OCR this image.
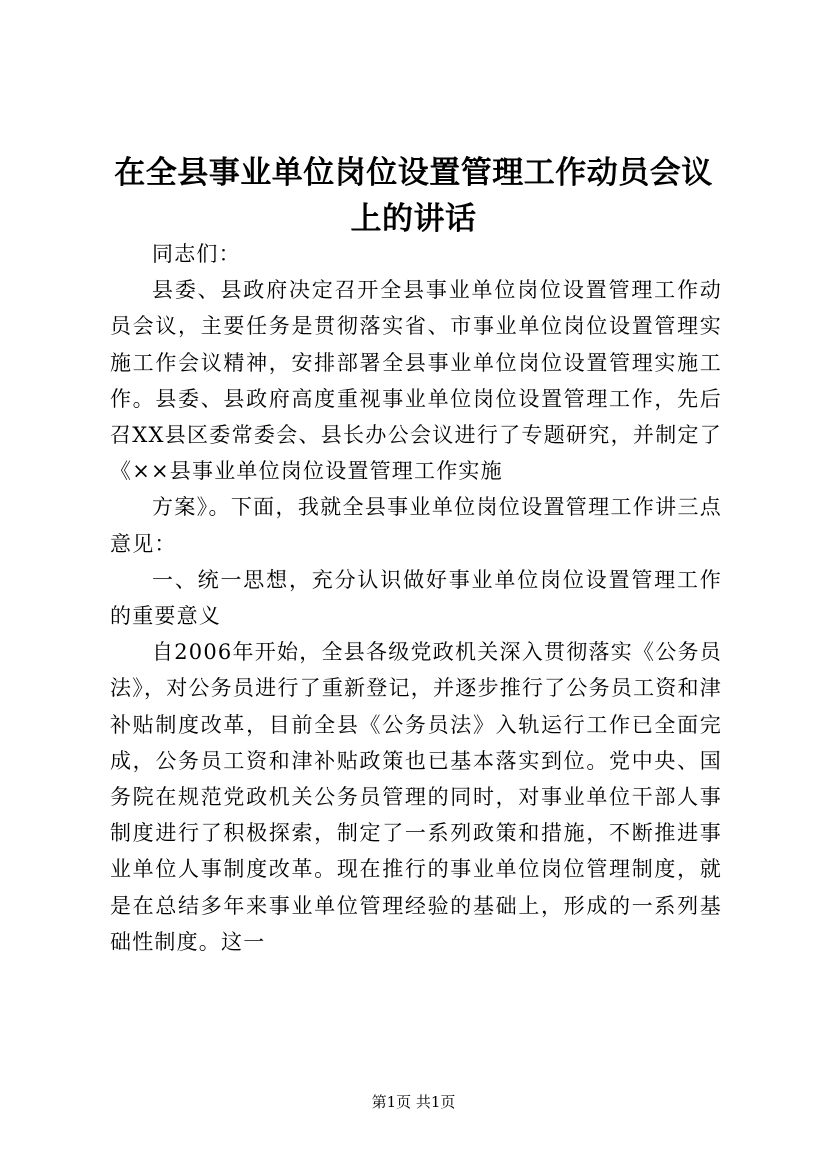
在全县事业单位岗位设置管理工作动员会议上的讲话

同志们：

县委、县政府决定召开全县事业单位岗位设置管理工作动员会议，主要任务是贯彻落实省、市事业单位岗位设置管理实施工作会议精神，安排部署全县事业单位岗位设置管理实施工作。县委、县政府高度重视事业单位岗位设置管理工作，先后召XX县区委常委会、县长办公会议进行了专题研究，并制定了《××县事业单位岗位设置管理工作实施

方案》。下面，我就全县事业单位岗位设置管理工作讲三点意见：

一、统一思想，充分认识做好事业单位岗位设置管理工作的重要意义

自2006年开始，全县各级党政机关深入贯彻落实《公务员法》，对公务员进行了重新登记，并逐步推行了公务员工资和津补贴制度改革，目前全县《公务员法》入轨运行工作已全面完成，公务员工资和津补贴政策也已基本落实到位。党中央、国务院在规范党政机关公务员管理的同时，对事业单位干部人事制度进行了积极探索，制定了一系列政策和措施，不断推进事业单位人事制度改革。现在推行的事业单位岗位管理制度，就是在总结多年来事业单位管理经验的基础上，形成的一系列基础性制度。这一

第1页 共1页
